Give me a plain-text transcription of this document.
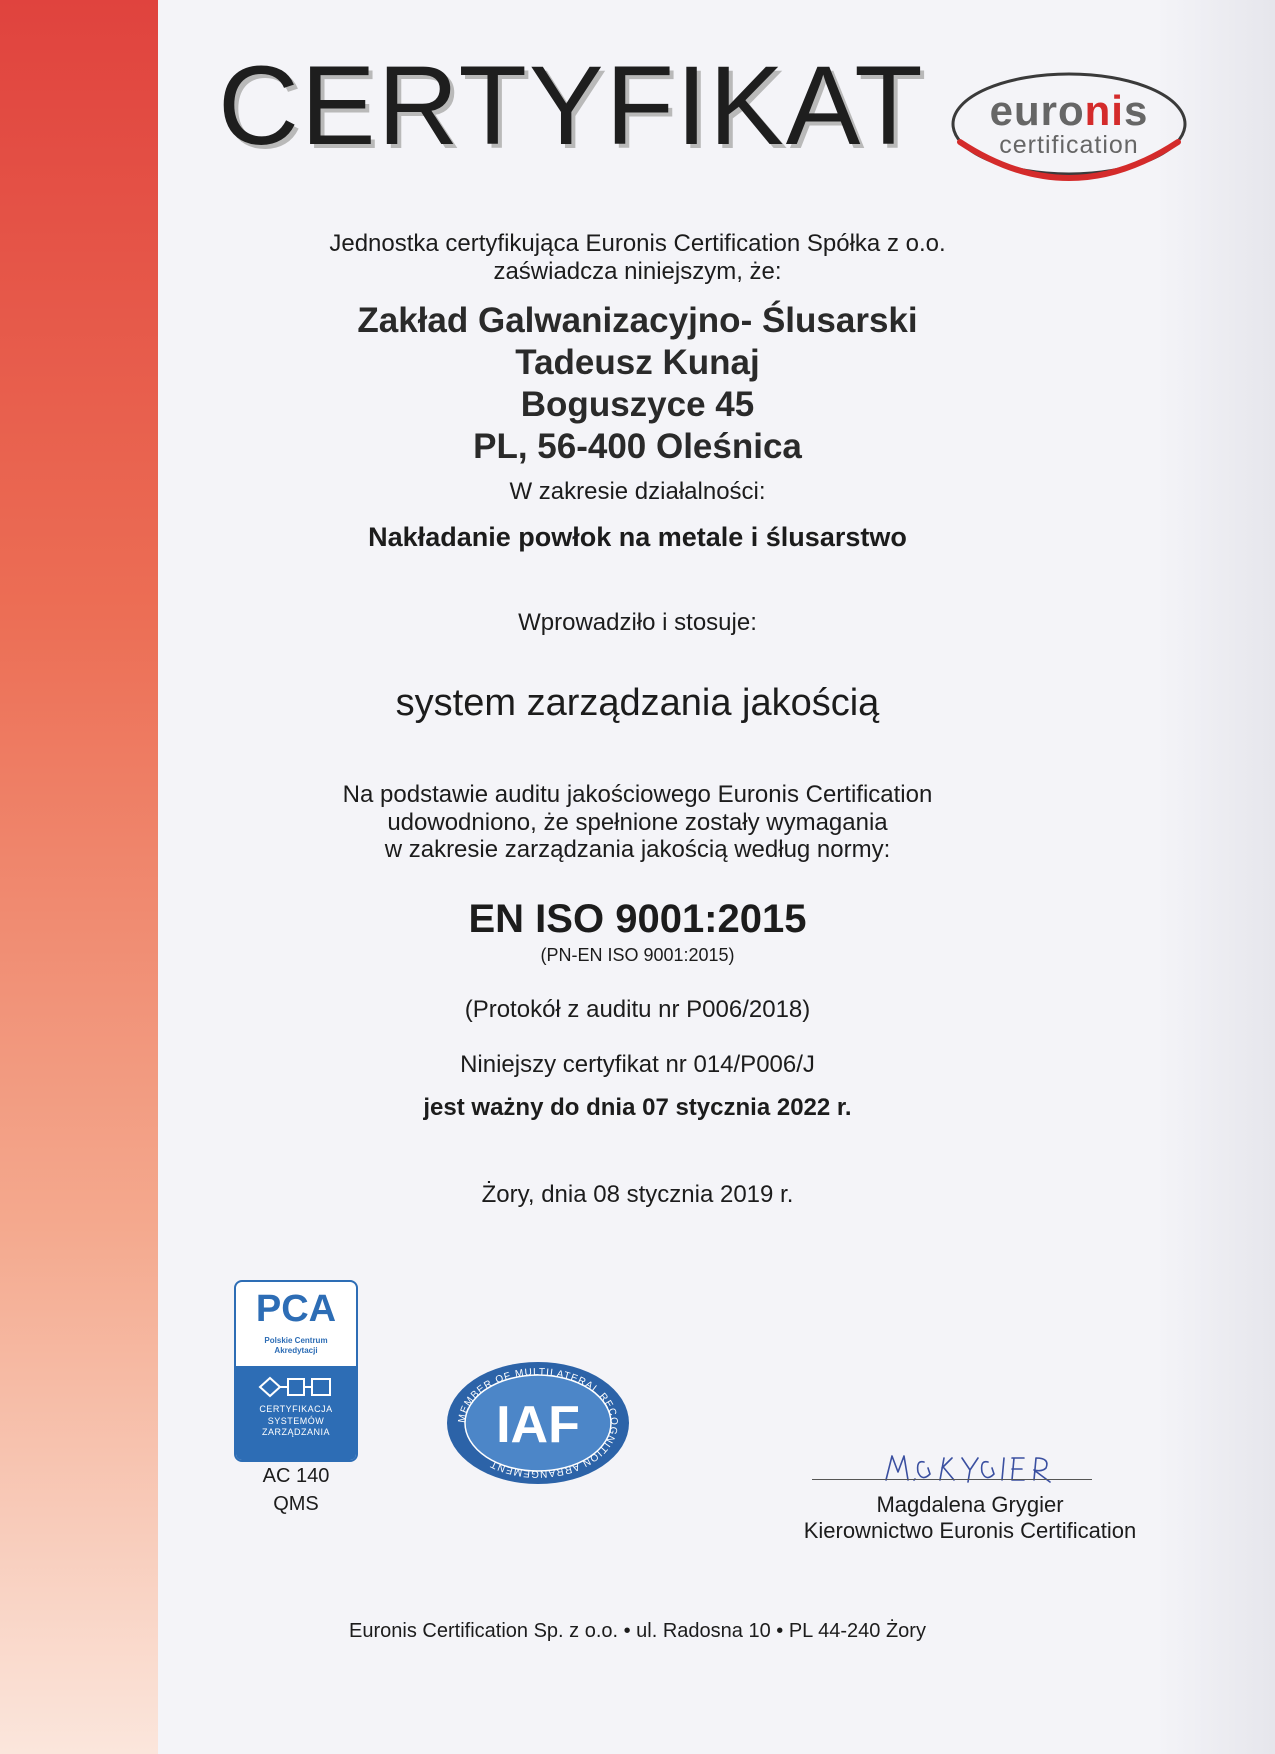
CERTYFIKAT	euronis
certification
Jednostka certyfikująca Euronis Certification Spółka z o.o.
zaświadcza niniejszym, że:
Zakład Galwanizacyjno- Ślusarski
Tadeusz Kunaj
Boguszyce 45
PL, 56-400 Oleśnica
W zakresie działalności:
Nakładanie powłok na metale i ślusarstwo
Wprowadziło i stosuje:
system zarządzania jakością
Na podstawie auditu jakościowego Euronis Certification
udowodniono, że spełnione zostały wymagania
w zakresie zarządzania jakością według normy:
EN ISO 9001:2015
(PN-EN ISO 9001:2015)
(Protokół z auditu nr P006/2018)
Niniejszy certyfikat nr 014/P006/J
jest ważny do dnia 07 stycznia 2022 r.
Żory, dnia 08 stycznia 2019 r.
PCA
Polskie Centrum
Akredytacji
CERTYFIKACJA
SYSTEMÓW
ZARZĄDZANIA
AC 140
QMS
MEMBER OF MULTILATERAL RECOGNITION ARRANGEMENT
IAF
Magdalena Grygier
Kierownictwo Euronis Certification
Euronis Certification Sp. z o.o. • ul. Radosna 10 • PL 44-240 Żory
